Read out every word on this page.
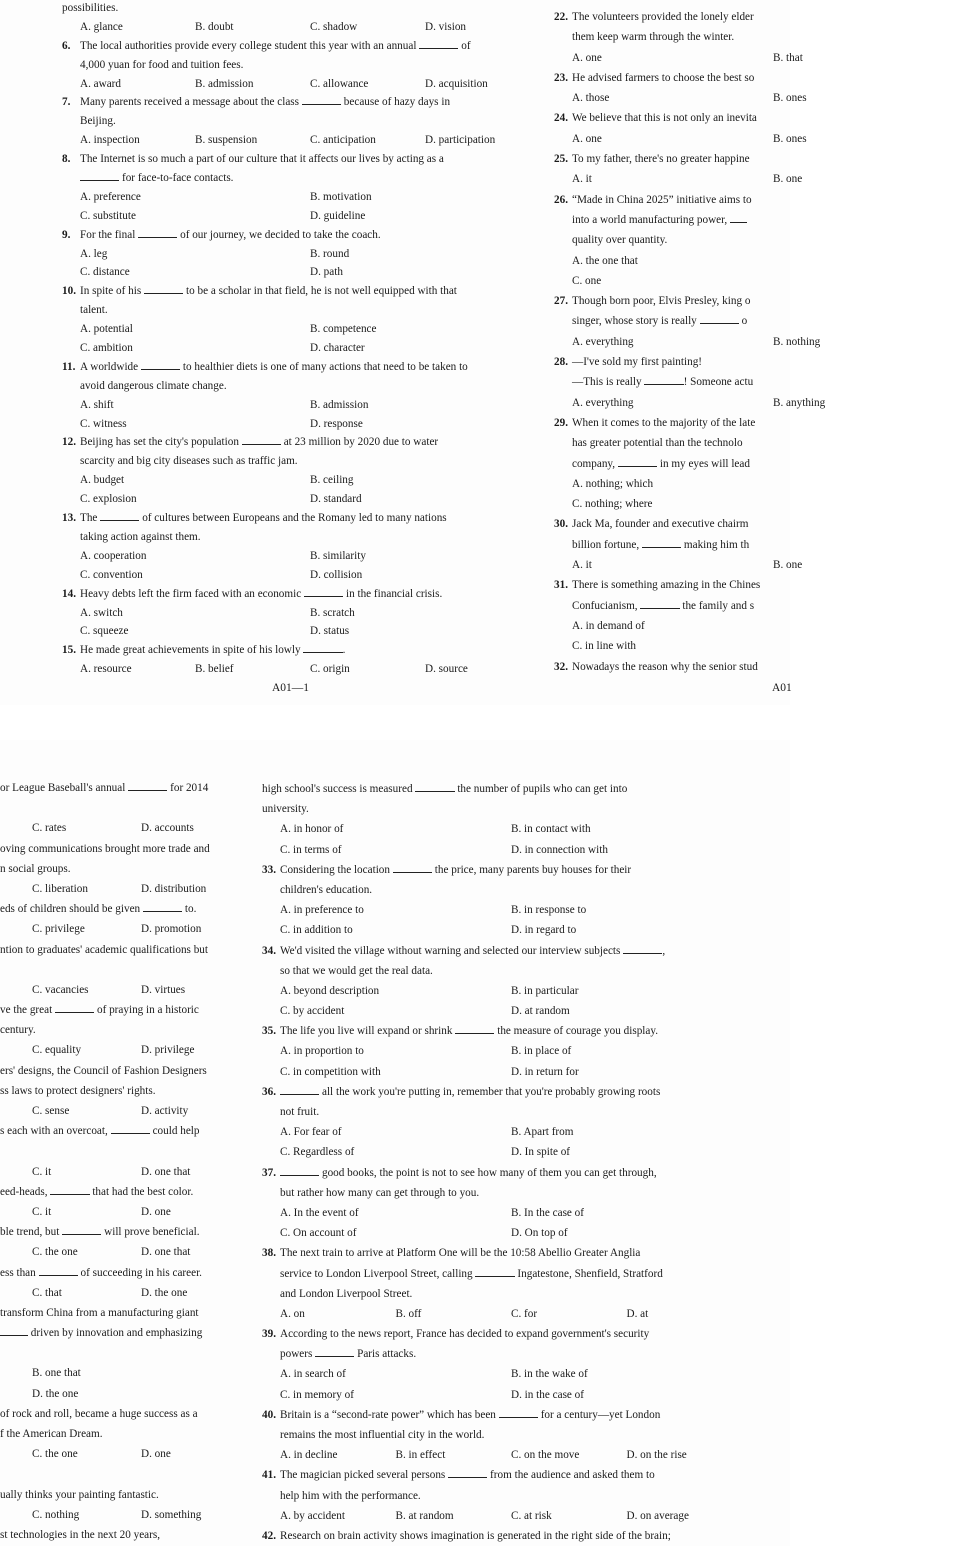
possibilities.
A. glance	B. doubt	C. shadow	D. vision
6. The local authorities provide every college student this year with an annual	of
4,000 yuan for food and tuition fees.
A. award	B. admission	C. allowance	D. acquisition
7. Many parents received a message about the class	because of hazy days in
Beijing.
A. inspection	B. suspension	C. anticipation	D. participation
8. The Internet is so much a part of our culture that it affects our lives by acting as a
for face-to-face contacts.
A. preference	B. motivation
C. substitute	D. guideline
9. For the final	of our journey, we decided to take the coach.
A. leg	B. round
C. distance	D. path
10. In spite of his	to be a scholar in that field, he is not well equipped with that
talent.
A. potential	B. competence
C. ambition	D. character
11. A worldwide	to healthier diets is one of many actions that need to be taken to
avoid dangerous climate change.
A. shift	B. admission
C. witness	D. response
12. Beijing has set the city's population	at 23 million by 2020 due to water
scarcity and big city diseases such as traffic jam.
A. budget	B. ceiling
C. explosion	D. standard
13. The	of cultures between Europeans and the Romany led to many nations
taking action against them.
A. cooperation	B. similarity
C. convention	D. collision
14. Heavy debts left the firm faced with an economic	in the financial crisis.
A. switch	B. scratch
C. squeeze	D. status
15. He made great achievements in spite of his lowly	.
A. resource	B. belief	C. origin	D. source
22. The volunteers provided the lonely elder
them keep warm through the winter.
A. one	B. that
23. He advised farmers to choose the best so
A. those	B. ones
24. We believe that this is not only an inevita
A. one	B. ones
25. To my father, there's no greater happine
A. it	B. one
26. “Made in China 2025” initiative aims to
into a world manufacturing power,
quality over quantity.
A. the one that
C. one
27. Though born poor, Elvis Presley, king o
singer, whose story is really	o
A. everything	B. nothing
28. —I've sold my first painting!
—This is really	! Someone actu
A. everything	B. anything
29. When it comes to the majority of the late
has greater potential than the technolo
company,	in my eyes will lead
A. nothing; which
C. nothing; where
30. Jack Ma, founder and executive chairm
billion fortune,	making him th
A. it	B. one
31. There is something amazing in the Chines
Confucianism,	the family and s
A. in demand of
C. in line with
32. Nowadays the reason why the senior stud
A01—1	A01
or League Baseball's annual	for 2014
C. rates	D. accounts
oving communications brought more trade and
n social groups.
C. liberation	D. distribution
eds of children should be given	to.
C. privilege	D. promotion
ntion to graduates' academic qualifications but
C. vacancies	D. virtues
ve the great	of praying in a historic
century.
C. equality	D. privilege
ers' designs, the Council of Fashion Designers
ss laws to protect designers' rights.
C. sense	D. activity
s each with an overcoat,	could help
C. it	D. one that
eed-heads,	that had the best color.
C. it	D. one
ble trend, but	will prove beneficial.
C. the one	D. one that
ess than	of succeeding in his career.
C. that	D. the one
transform China from a manufacturing giant
driven by innovation and emphasizing
B. one that
D. the one
of rock and roll, became a huge success as a
f the American Dream.
C. the one	D. one
ually thinks your painting fantastic.
C. nothing	D. something
st technologies in the next 20 years,
high school's success is measured	the number of pupils who can get into
university.
A. in honor of	B. in contact with
C. in terms of	D. in connection with
33. Considering the location	the price, many parents buy houses for their
children's education.
A. in preference to	B. in response to
C. in addition to	D. in regard to
34. We'd visited the village without warning and selected our interview subjects	,
so that we would get the real data.
A. beyond description	B. in particular
C. by accident	D. at random
35. The life you live will expand or shrink	the measure of courage you display.
A. in proportion to	B. in place of
C. in competition with	D. in return for
36.	all the work you're putting in, remember that you're probably growing roots
not fruit.
A. For fear of	B. Apart from
C. Regardless of	D. In spite of
37.	good books, the point is not to see how many of them you can get through,
but rather how many can get through to you.
A. In the event of	B. In the case of
C. On account of	D. On top of
38. The next train to arrive at Platform One will be the 10:58 Abellio Greater Anglia
service to London Liverpool Street, calling	Ingatestone, Shenfield, Stratford
and London Liverpool Street.
A. on	B. off	C. for	D. at
39. According to the news report, France has decided to expand government's security
powers	Paris attacks.
A. in search of	B. in the wake of
C. in memory of	D. in the case of
40. Britain is a “second-rate power” which has been	for a century—yet London
remains the most influential city in the world.
A. in decline	B. in effect	C. on the move	D. on the rise
41. The magician picked several persons	from the audience and asked them to
help him with the performance.
A. by accident	B. at random	C. at risk	D. on average
42. Research on brain activity shows imagination is generated in the right side of the brain;
